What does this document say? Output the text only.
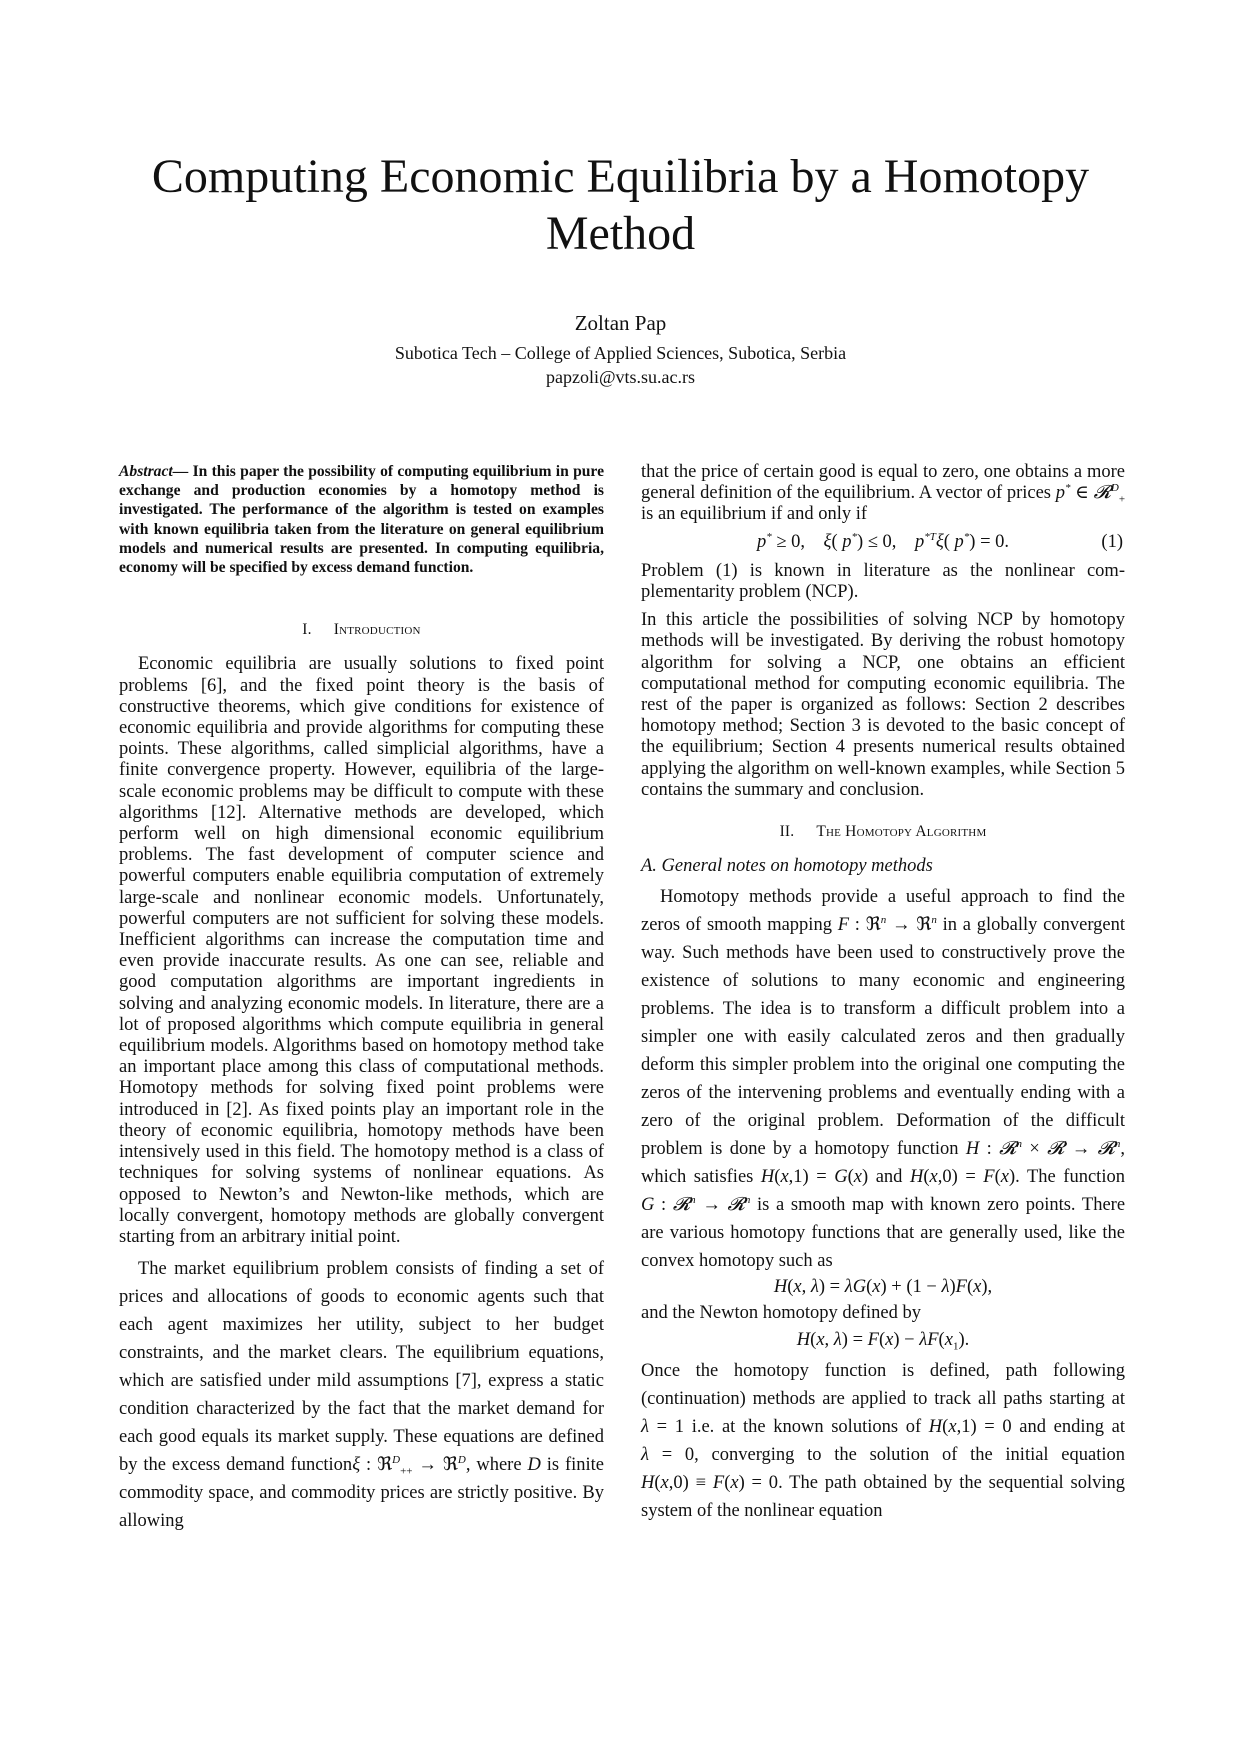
Computing Economic Equilibria by a Homotopy
Method
Zoltan Pap
Subotica Tech – College of Applied Sciences, Subotica, Serbia
papzoli@vts.su.ac.rs

Abstract— In this paper the possibility of computing equilibrium in pure exchange and production economies by a homotopy method is investigated. The performance of the algorithm is tested on examples with known equilibria taken from the literature on general equilibrium models and numerical results are presented. In computing equilibria, economy will be specified by excess demand function.

I. Introduction

Economic equilibria are usually solutions to fixed point problems [6], and the fixed point theory is the basis of constructive theorems, which give conditions for existence of economic equilibria and provide algorithms for computing these points. These algorithms, called simplicial algorithms, have a finite convergence property. However, equilibria of the large-scale economic problems may be difficult to compute with these algorithms [12]. Alternative methods are developed, which perform well on high dimensional economic equilibrium problems. The fast development of computer science and powerful computers enable equilibria computation of extremely large-scale and nonlinear economic models. Unfortunately, powerful computers are not sufficient for solving these models. Inefficient algorithms can increase the computation time and even provide inaccurate results. As one can see, reliable and good computation algorithms are important ingredients in solving and analyzing economic models. In literature, there are a lot of proposed algorithms which compute equilibria in general equilibrium models. Algorithms based on homotopy method take an important place among this class of computational methods. Homotopy methods for solving fixed point problems were introduced in [2]. As fixed points play an important role in the theory of economic equilibria, homotopy methods have been intensively used in this field. The homotopy method is a class of techniques for solving systems of nonlinear equations. As opposed to Newton’s and Newton-like methods, which are locally convergent, homotopy methods are globally convergent starting from an arbitrary initial point.

The market equilibrium problem consists of finding a set of prices and allocations of goods to economic agents such that each agent maximizes her utility, subject to her budget constraints, and the market clears. The equilibrium equations, which are satisfied under mild assumptions [7], express a static condition characterized by the fact that the market demand for each good equals its market supply. These equations are defined by the excess demand functionξ : ℜ$^D_{++}$ → ℜ$^D$, where D is finite commodity space, and commodity prices are strictly positive. By allowing

that the price of certain good is equal to zero, one obtains a more general definition of the equilibrium. A vector of prices p* ∈ 𝓡$^D_+$ is an equilibrium if and only if

p* ≥ 0,    ξ( p*) ≤ 0,    $p^{*T}\xi$( p*) = 0.	(1)

Problem (1) is known in literature as the nonlinear complementarity problem (NCP).

In this article the possibilities of solving NCP by homotopy methods will be investigated. By deriving the robust homotopy algorithm for solving a NCP, one obtains an efficient computational method for computing economic equilibria. The rest of the paper is organized as follows: Section 2 describes homotopy method; Section 3 is devoted to the basic concept of the equilibrium; Section 4 presents numerical results obtained applying the algorithm on well-known examples, while Section 5 contains the summary and conclusion.

II. The Homotopy Algorithm
A. General notes on homotopy methods

Homotopy methods provide a useful approach to find the zeros of smooth mapping F : ℜ$^n$ → ℜ$^n$ in a globally convergent way. Such methods have been used to constructively prove the existence of solutions to many economic and engineering problems. The idea is to transform a difficult problem into a simpler one with easily calculated zeros and then gradually deform this simpler problem into the original one computing the zeros of the intervening problems and eventually ending with a zero of the original problem. Deformation of the difficult problem is done by a homotopy function H : 𝓡$^n$ × 𝓡 → 𝓡$^n$, which satisfies H(x,1) = G(x) and H(x,0) = F(x). The function G : 𝓡$^n$ → 𝓡$^n$ is a smooth map with known zero points. There are various homotopy functions that are generally used, like the convex homotopy such as

H(x, λ) = λG(x) + (1 − λ)F(x),

and the Newton homotopy defined by

H(x, $\lambda) = F(x) - \lambda F(x_1)$.

Once the homotopy function is defined, path following (continuation) methods are applied to track all paths starting at λ = 1 i.e. at the known solutions of H(x,1) = 0 and ending at λ = 0, converging to the solution of the initial equation H(x,0) ≡ F(x) = 0. The path obtained by the sequential solving system of the nonlinear equation
